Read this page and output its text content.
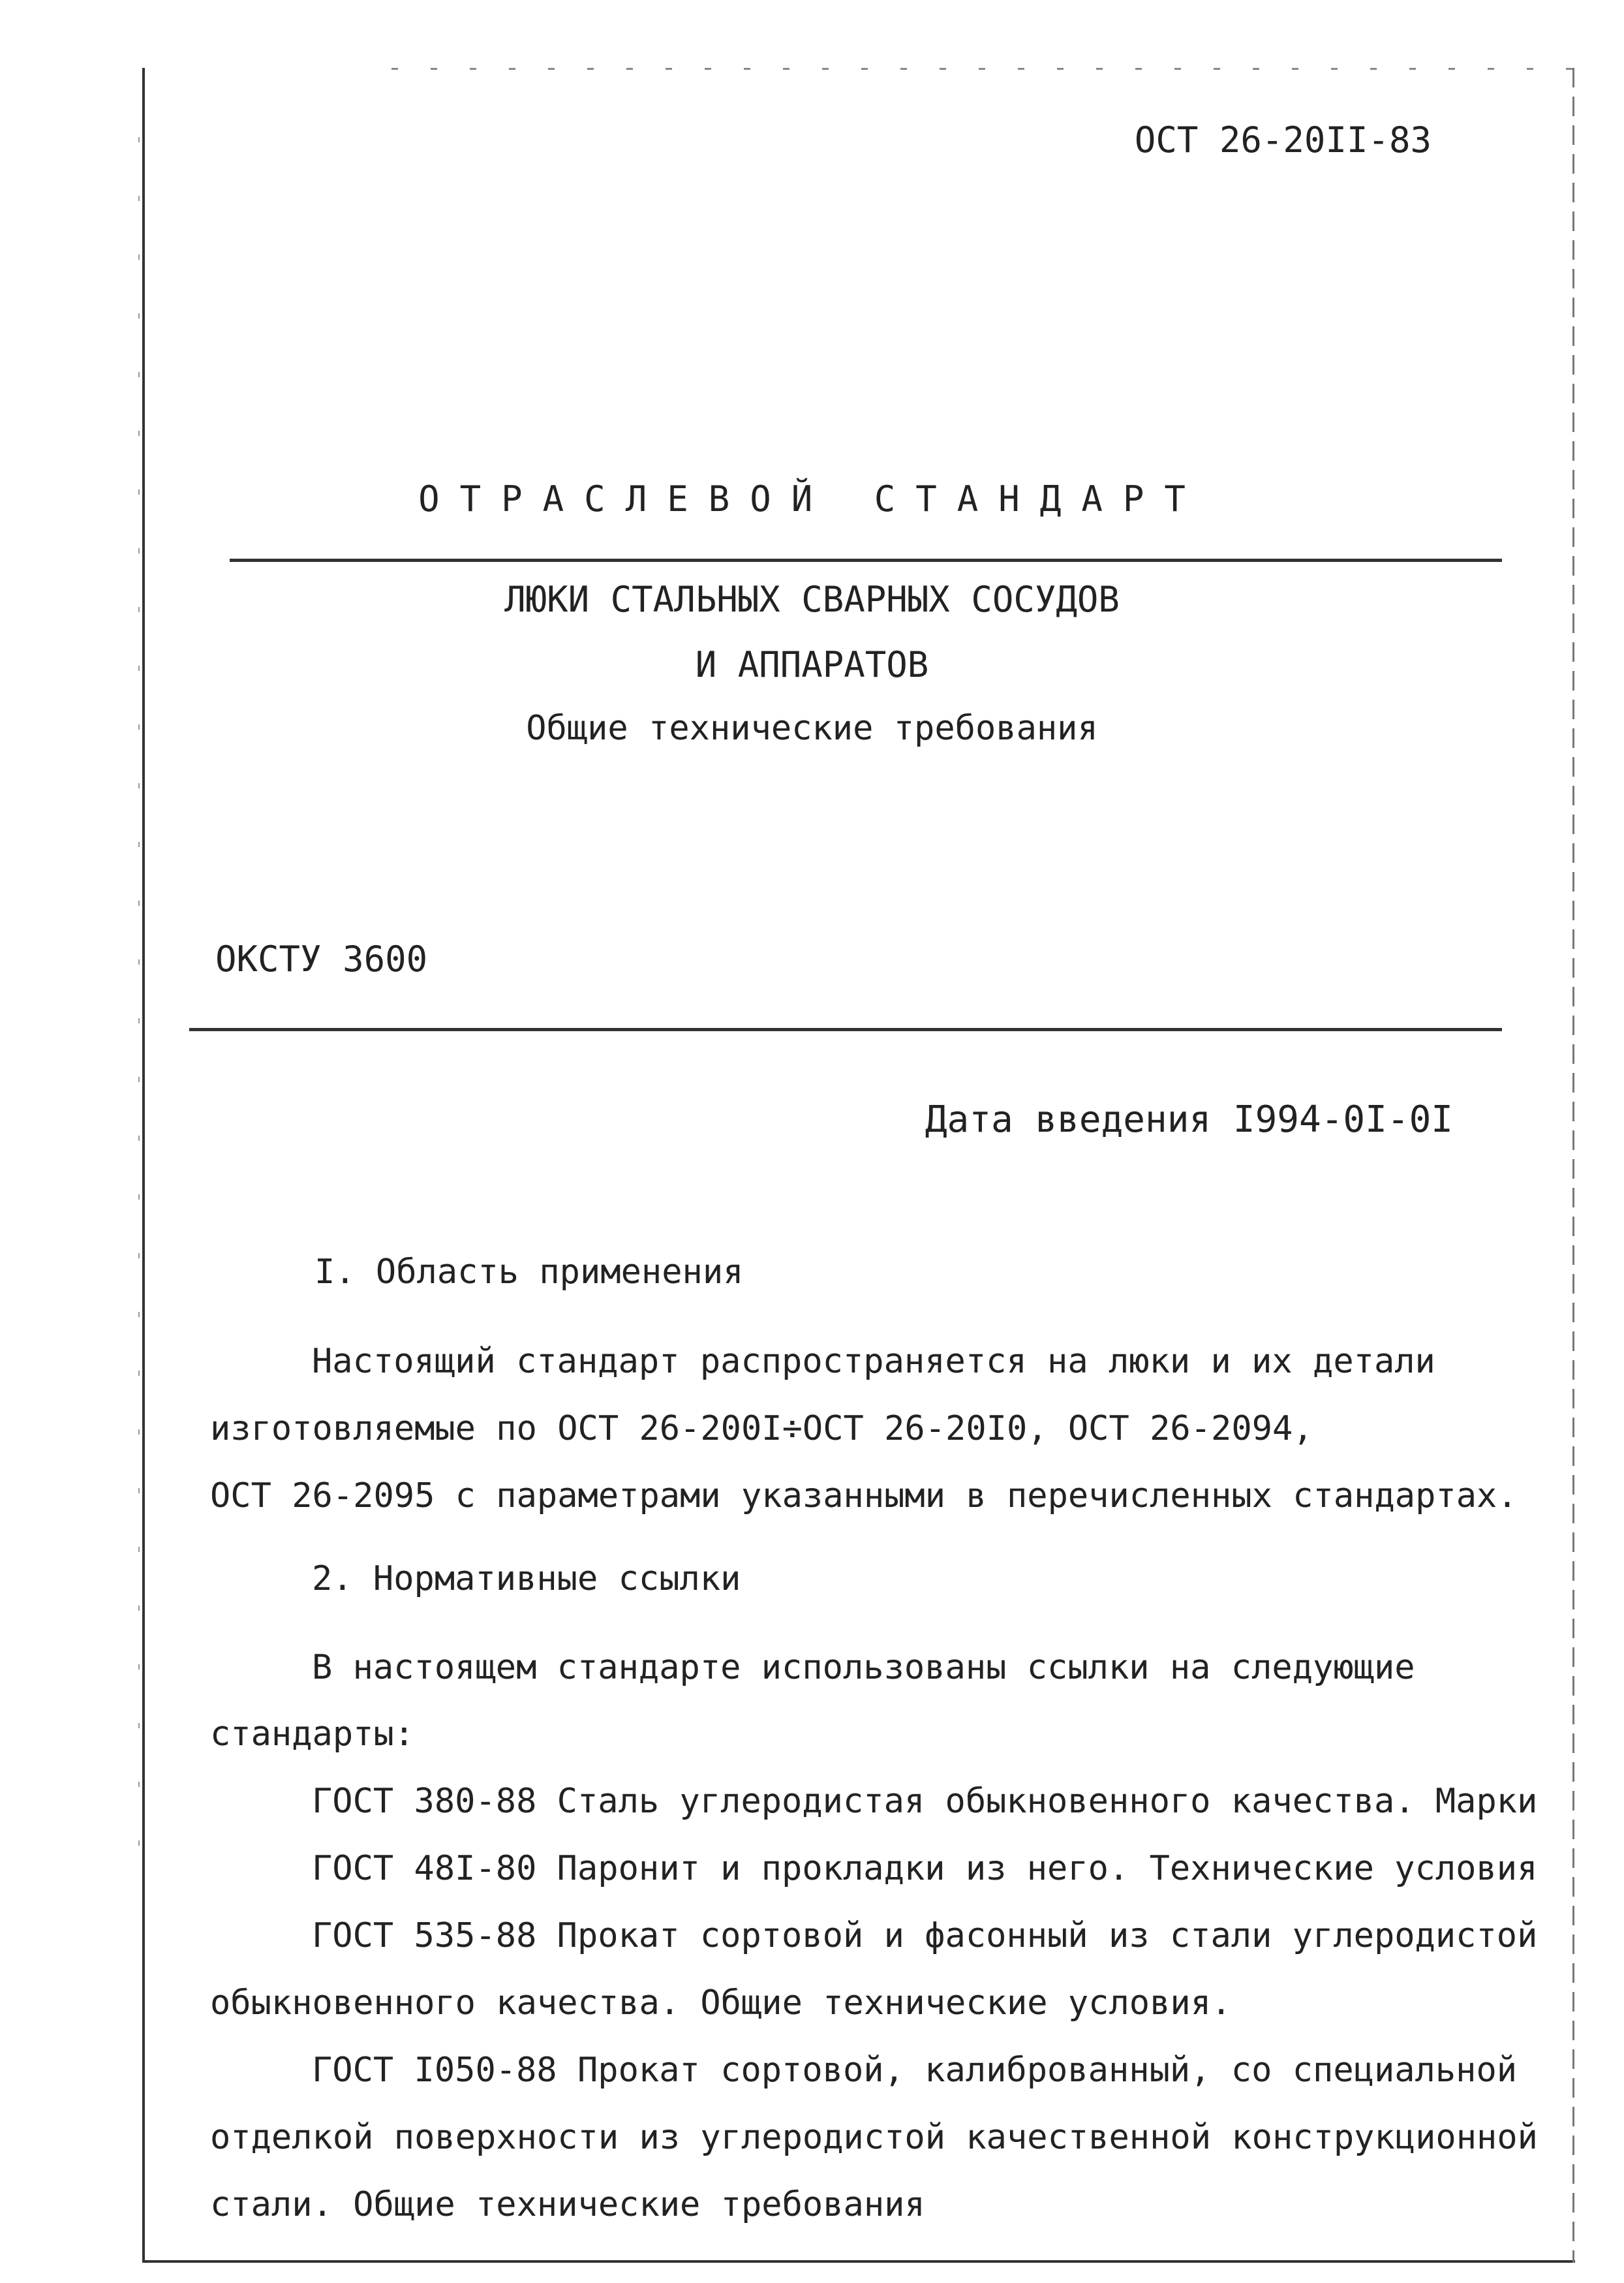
ОСТ 26-20II-83
ОТРАСЛЕВОЙ СТАНДАРТ
ЛЮКИ СТАЛЬНЫХ СВАРНЫХ СОСУДОВ
И АППАРАТОВ
Общие технические требования
ОКСТУ 3600
Дата введения I994-0I-0I
I. Область применения
Настоящий стандарт распространяется на люки и их детали
изготовляемые по ОСТ 26-200I÷ОСТ 26-20I0, ОСТ 26-2094,
ОСТ 26-2095 с параметрами указанными в перечисленных стандартах.
2. Нормативные ссылки
В настоящем стандарте использованы ссылки на следующие
стандарты:
ГОСТ 380-88 Сталь углеродистая обыкновенного качества. Марки
ГОСТ 48I-80 Паронит и прокладки из него. Технические условия
ГОСТ 535-88 Прокат сортовой и фасонный из стали углеродистой
обыкновенного качества. Общие технические условия.
ГОСТ I050-88 Прокат сортовой, калиброванный, со специальной
отделкой поверхности из углеродистой качественной конструкционной
стали. Общие технические требования
